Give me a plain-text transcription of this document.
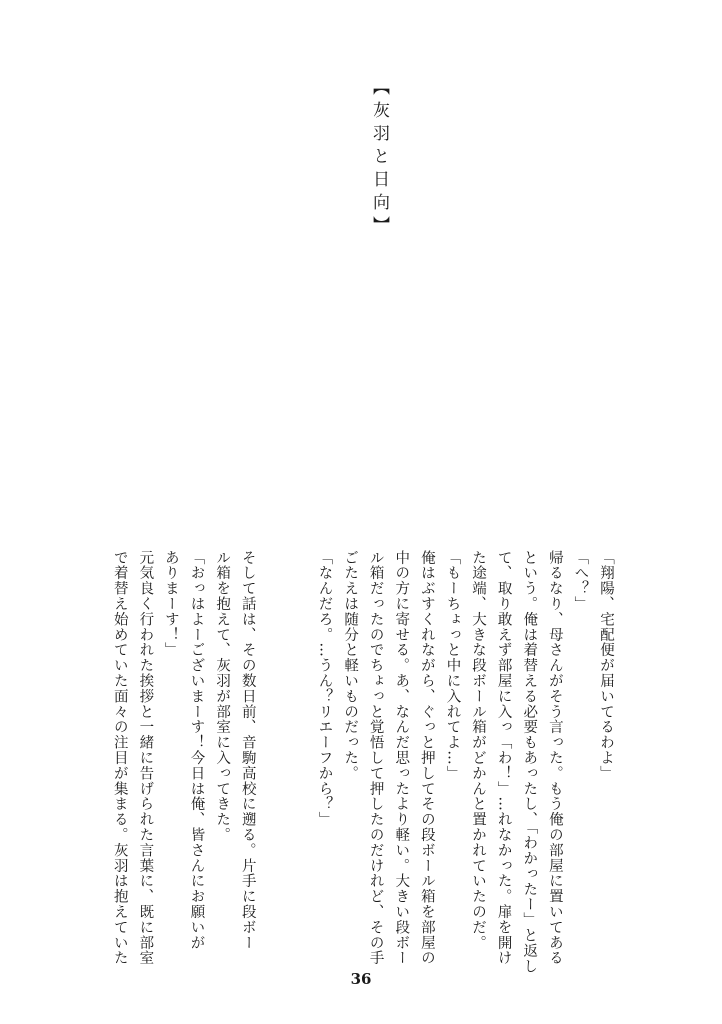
【灰羽と日向】

「翔陽、宅配便が届いてるわよ」

「へ？」

帰るなり、母さんがそう言った。もう俺の部屋に置いてある

という。俺は着替える必要もあったし、「わかったー」と返し

て、取り敢えず部屋に入っ「わ！」…れなかった。扉を開け

た途端、大きな段ボール箱がどかんと置かれていたのだ。

「もーちょっと中に入れてよ…」

俺はぶすくれながら、ぐっと押してその段ボール箱を部屋の

中の方に寄せる。あ、なんだ思ったより軽い。大きい段ボー

ル箱だったのでちょっと覚悟して押したのだけれど、その手

ごたえは随分と軽いものだった。

「なんだろ。…うん？リエーフから？」

そして話は、その数日前、音駒高校に遡る。片手に段ボー

ル箱を抱えて、灰羽が部室に入ってきた。

「おっはよーございまーす！今日は俺、皆さんにお願いが

ありまーす！」

元気良く行われた挨拶と一緒に告げられた言葉に、既に部室

で着替え始めていた面々の注目が集まる。灰羽は抱えていた

36
